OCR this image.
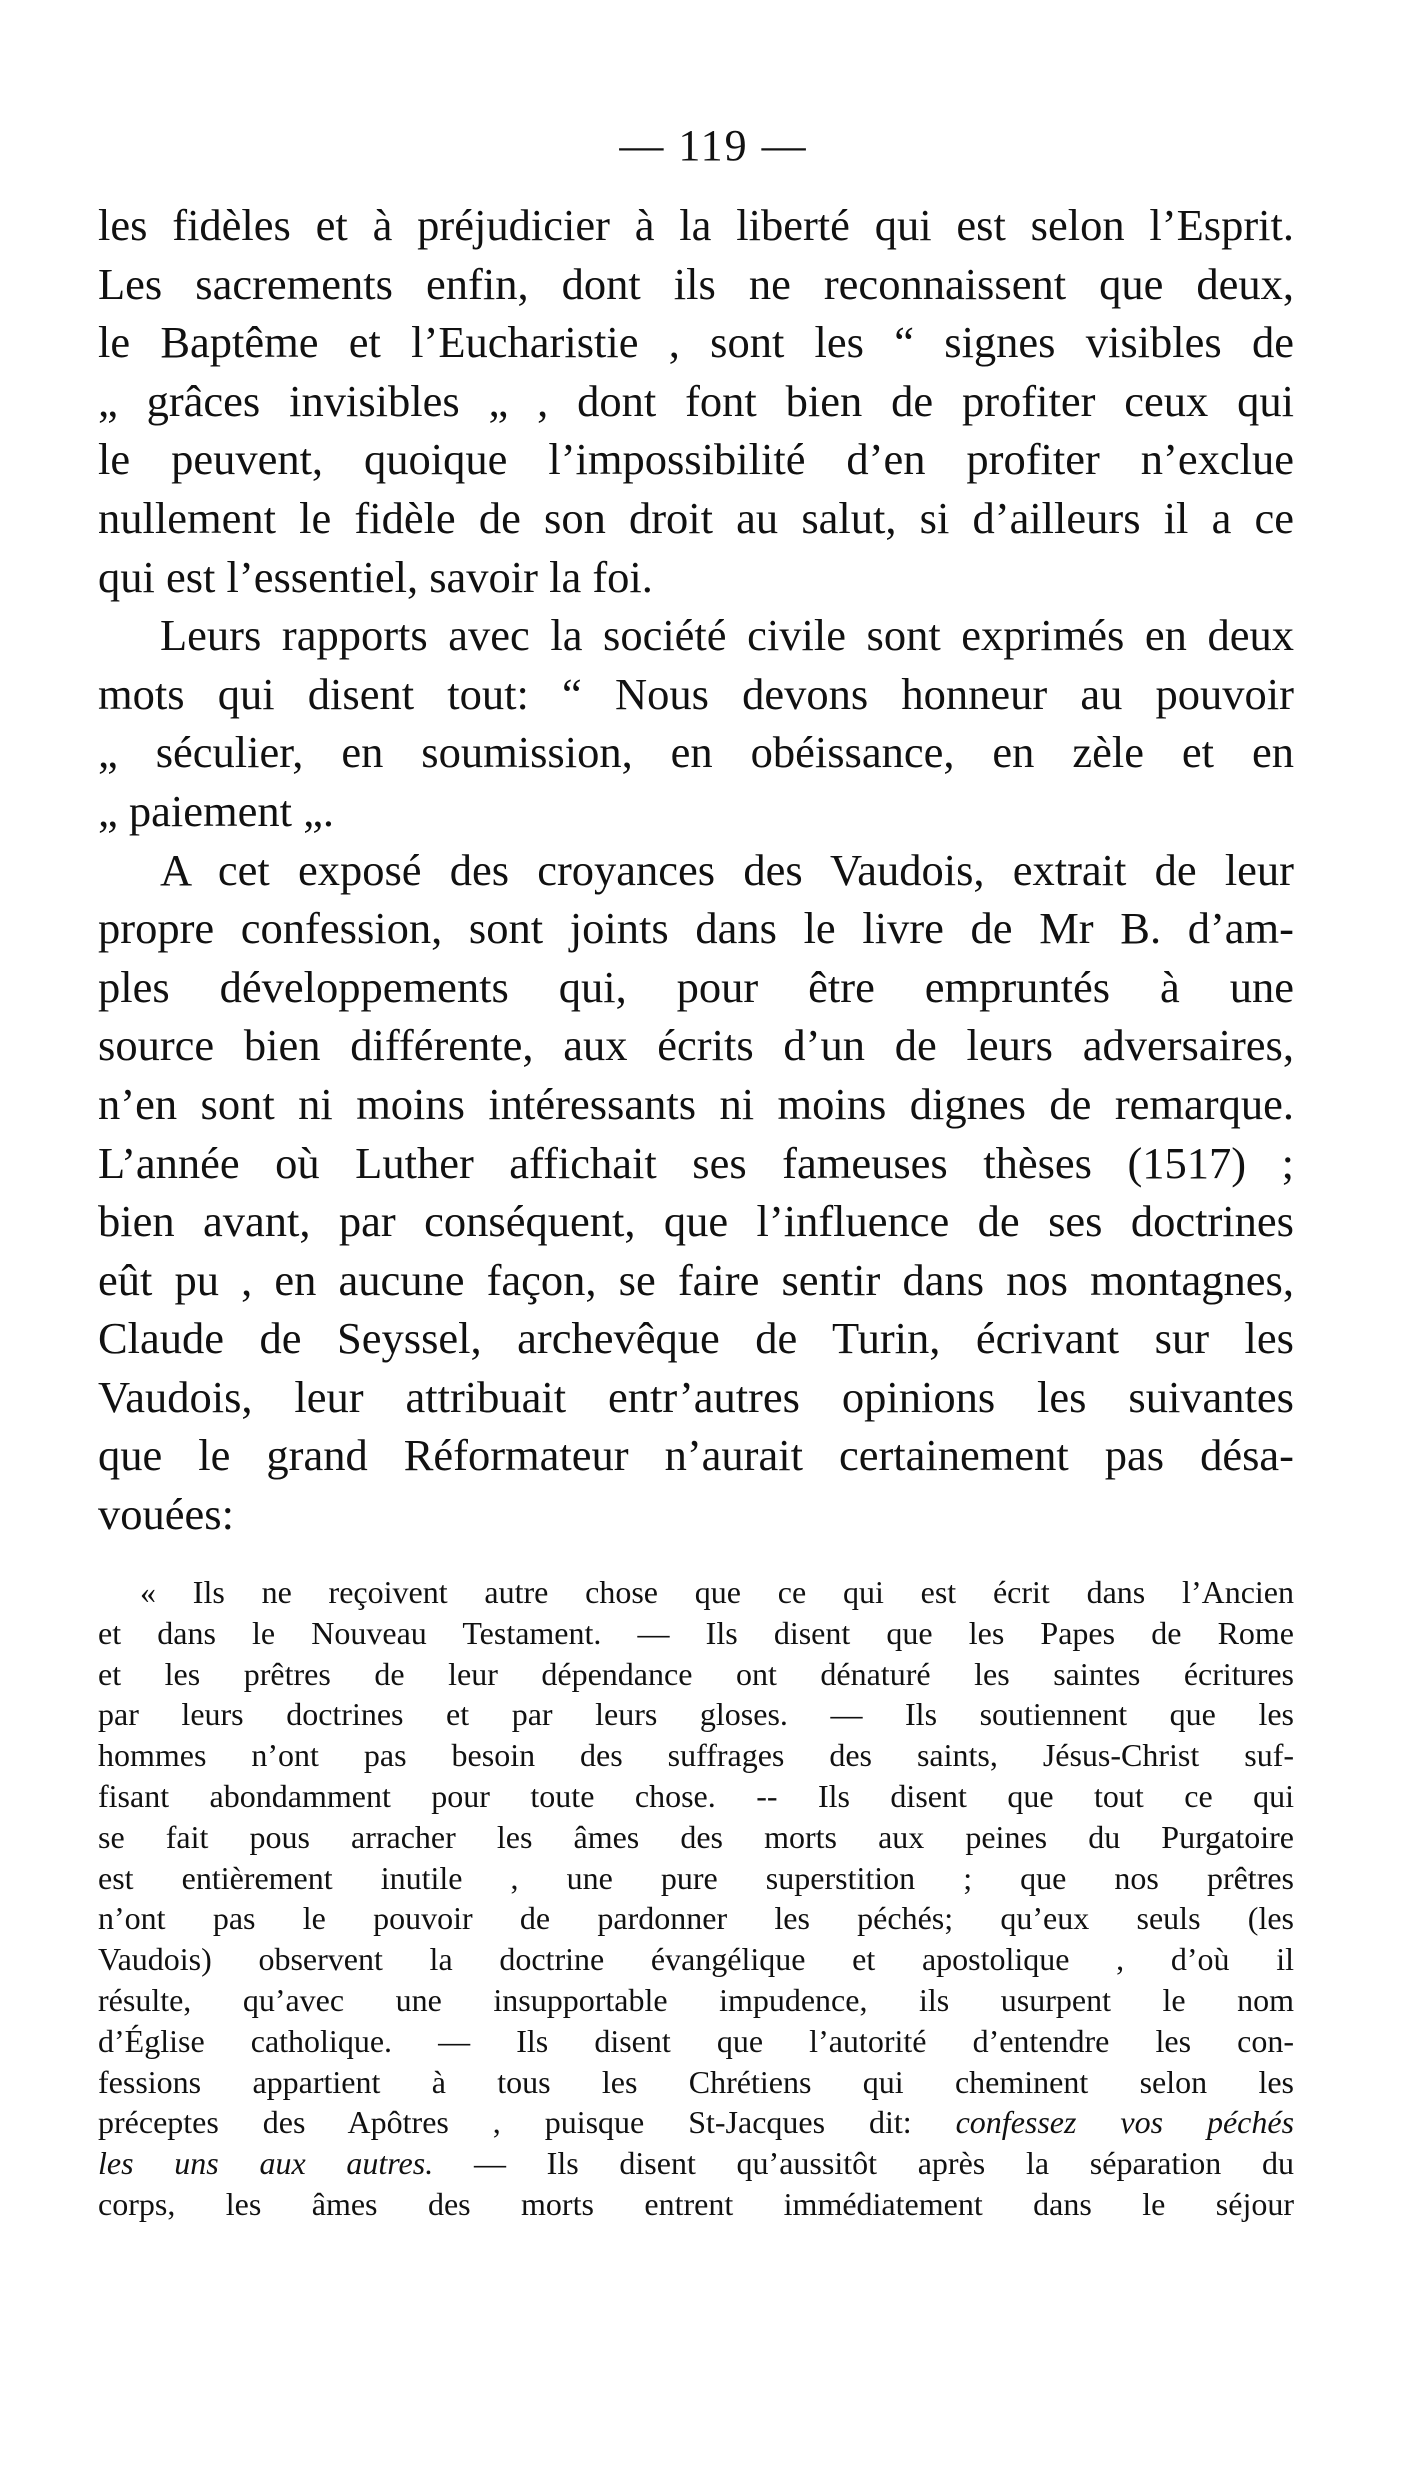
— 119 —
les fidèles et à préjudicier à la liberté qui est selon l’Esprit.
Les sacrements enfin, dont ils ne reconnaissent que deux,
le Baptême et l’Eucharistie , sont les “ signes visibles de
„ grâces invisibles „ , dont font bien de profiter ceux qui
le peuvent, quoique l’impossibilité d’en profiter n’exclue
nullement le fidèle de son droit au salut, si d’ailleurs il a ce
qui est l’essentiel, savoir la foi.
Leurs rapports avec la société civile sont exprimés en deux
mots qui disent tout: “ Nous devons honneur au pouvoir
„ séculier, en soumission, en obéissance, en zèle et en
„ paiement „.
A cet exposé des croyances des Vaudois, extrait de leur
propre confession, sont joints dans le livre de Mr B. d’am-
ples développements qui, pour être empruntés à une
source bien différente, aux écrits d’un de leurs adversaires,
n’en sont ni moins intéressants ni moins dignes de remarque.
L’année où Luther affichait ses fameuses thèses (1517) ;
bien avant, par conséquent, que l’influence de ses doctrines
eût pu , en aucune façon, se faire sentir dans nos montagnes,
Claude de Seyssel, archevêque de Turin, écrivant sur les
Vaudois, leur attribuait entr’autres opinions les suivantes
que le grand Réformateur n’aurait certainement pas désa-
vouées:
« Ils ne reçoivent autre chose que ce qui est écrit dans l’Ancien
et dans le Nouveau Testament. — Ils disent que les Papes de Rome
et les prêtres de leur dépendance ont dénaturé les saintes écritures
par leurs doctrines et par leurs gloses. — Ils soutiennent que les
hommes n’ont pas besoin des suffrages des saints, Jésus-Christ suf-
fisant abondamment pour toute chose. -- Ils disent que tout ce qui
se fait pous arracher les âmes des morts aux peines du Purgatoire
est entièrement inutile , une pure superstition ; que nos prêtres
n’ont pas le pouvoir de pardonner les péchés; qu’eux seuls (les
Vaudois) observent la doctrine évangélique et apostolique , d’où il
résulte, qu’avec une insupportable impudence, ils usurpent le nom
d’Église catholique. — Ils disent que l’autorité d’entendre les con-
fessions appartient à tous les Chrétiens qui cheminent selon les
préceptes des Apôtres , puisque St-Jacques dit: confessez vos péchés
les uns aux autres. — Ils disent qu’aussitôt après la séparation du
corps, les âmes des morts entrent immédiatement dans le séjour
